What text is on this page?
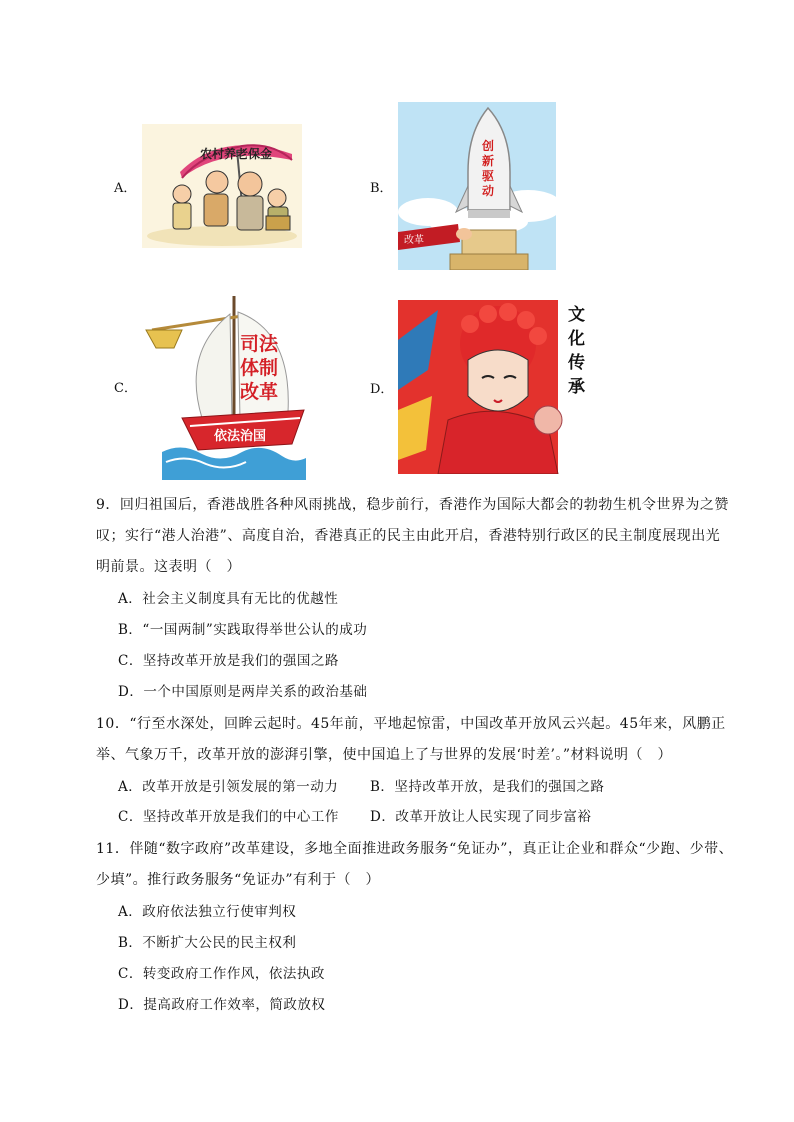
A．
农村养老保金
B．
创
新
驱
动
改革
C．
司法
体制
改革
依法治国
D．
文
化
传
承
9．回归祖国后，香港战胜各种风雨挑战，稳步前行，香港作为国际大都会的勃勃生机令世界为之赞
叹；实行“港人治港”、高度自治，香港真正的民主由此开启，香港特别行政区的民主制度展现出光
明前景。这表明（　）
A．社会主义制度具有无比的优越性
B．“一国两制”实践取得举世公认的成功
C．坚持改革开放是我们的强国之路
D．一个中国原则是两岸关系的政治基础
10．“行至水深处，回眸云起时。45年前，平地起惊雷，中国改革开放风云兴起。45年来，风鹏正
举、气象万千，改革开放的澎湃引擎，使中国追上了与世界的发展‘时差’。”材料说明（　）
A．改革开放是引领发展的第一动力 B．坚持改革开放，是我们的强国之路
C．坚持改革开放是我们的中心工作 D．改革开放让人民实现了同步富裕
11．伴随“数字政府”改革建设，多地全面推进政务服务“免证办”，真正让企业和群众“少跑、少带、
少填”。推行政务服务“免证办”有利于（　）
A．政府依法独立行使审判权
B．不断扩大公民的民主权利
C．转变政府工作作风，依法执政
D．提高政府工作效率，简政放权
